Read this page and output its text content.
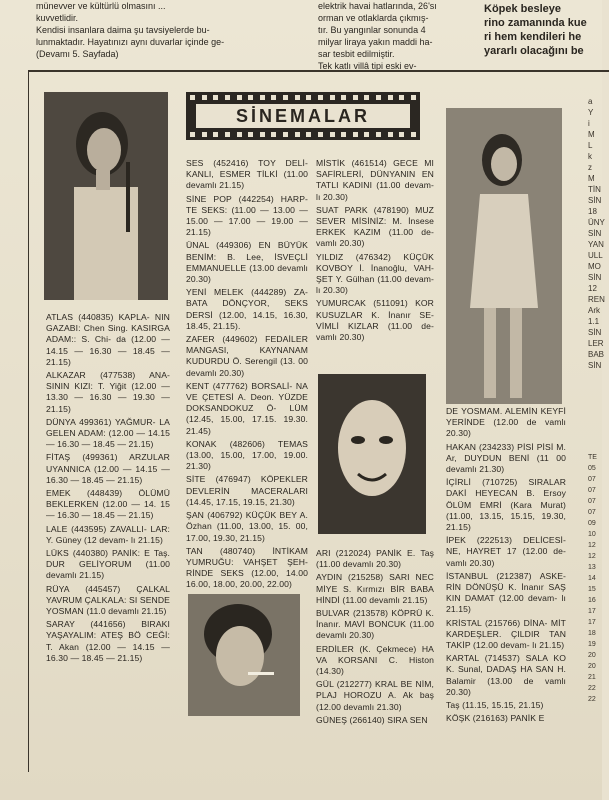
münevver ve kültürlü olmasını ...
kuvvetlidir.
Kendisi insanlara daima şu tavsiyelerde bu-
lunmaktadır. Hayatınızı aynı duvarlar içinde ge-
(Devamı 5. Sayfada)
elektrik havai hatlarında, 26'sı
orman ve otlaklarda çıkmış-
tır. Bu yangınlar sonunda 4
milyar liraya yakın maddi ha-
sar tesbit edilmiştir.
Tek katlı villâ tipi eski ev-
Köpek besleye
rino zamanında kue
ri hem kendileri he
yararlı olacağını be
SİNEMALAR
ATLAS (440835) KAPLA- NIN GAZABI: Chen Sing. KASIRGA ADAM:: S. Chi- da (12.00 — 14.15 — 16.30 — 18.45 — 21.15)
ALKAZAR (477538) ANA- SININ KIZI: T. Yiğit (12.00 — 13.30 — 16.30 — 19.30 — 21.15)
DÜNYA 499361) YAĞMUR- LA GELEN ADAM: (12.00 — 14.15 — 16.30 — 18.45 — 21.15)
FİTAŞ (499361) ARZULAR UYANNICA (12.00 — 14.15 — 16.30 — 18.45 — 21.15)
EMEK (448439) ÖLÜMÜ BEKLERKEN (12.00 — 14. 15 — 16.30 — 18.45 — 21.15)
LALE (443595) ZAVALLI- LAR: Y. Güney (12 devam- lı 21.15)
LÜKS (440380) PANİK: E Taş. DUR GELİYORUM (11.00 devamlı 21.15)
RÜYA (445457) ÇALKAL YAVRUM ÇALKALA: SI SENDE YOSMAN (11.0 devamlı 21.15)
SARAY (441656) BIRAKI YAŞAYALIM: ATEŞ BÖ CEĞİ: T. Akan (12.00 — 14.15 — 16.30 — 18.45 — 21.15)
SES (452416) TOY DELİ- KANLI, ESMER TİLKİ (11.00 devamlı 21.15)
SİNE POP (442254) HARP- TE SEKS: (11.00 — 13.00 — 15.00 — 17.00 — 19.00 — 21.15)
ÜNAL (449306) EN BÜYÜK BENİM: B. Lee, İSVEÇLİ EMMANUELLE (13.00 devamlı 20.30)
YENİ MELEK (444289) ZA- BATA DÖNÇYOR, SEKS DERSİ (12.00, 14.15, 16.30, 18.45, 21.15).
ZAFER (449602) FEDAİLER MANGASI, KAYNANAM KUDURDU Ö. Serengil (13. 00 devamlı 20.30)
KENT (477762) BORSALİ- NA VE ÇETESİ A. Deon. YÜZDE DOKSANDOKUZ Ö- LÜM (12.45, 15.00, 17.15. 19.30. 21.45)
KONAK (482606) TEMAS (13.00, 15.00, 17.00, 19.00. 21.30)
SİTE (476947) KÖPEKLER DEVLERİN MACERALARI (14.45, 17.15, 19.15, 21.30)
ŞAN (406792) KÜÇÜK BEY A. Özhan (11.00, 13.00, 15. 00, 17.00, 19.30, 21.15)
TAN (480740) İNTİKAM YUMRUĞU: VAHŞET ŞEH- RİNDE SEKS (12.00, 14.00 16.00, 18.00, 20.00, 22.00)
MİSTİK (461514) GECE MI SAFİRLERİ, DÜNYANIN EN TATLI KADINI (11.00 devam- lı 20.30)
SUAT PARK (478190) MUZ SEVER MİSİNİZ: M. İnsese ERKEK KAZIM (11.00 de- vamlı 20.30)
YILDIZ (476342) KÜÇÜK KOVBOY İ. İnanoğlu, VAH- ŞET Y. Gülhan (11.00 devam- lı 20.30)
YUMURCAK (511091) KOR KUSUZLAR K. İnanır SE- VİMLİ KIZLAR (11.00 de- vamlı 20.30)
ARI (212024) PANİK E. Taş (11.00 devamlı 20.30)
AYDIN (215258) SARI NEC MİYE S. Kırmızı BİR BABA HİNDİ (11.00 devamlı 21.15)
BULVAR (213578) KÖPRÜ K. İnanır. MAVİ BONCUK (11.00 devamlı 20.30)
ERDİLER (K. Çekmece) HA VA KORSANI C. Histon (14.30)
GÜL (212277) KRAL BE NİM, PLAJ HOROZU A. Ak baş (12.00 devamlı 21.30)
GÜNEŞ (266140) SIRA SEN
DE YOSMAM. ALEMİN KEYFİ YERİNDE (12.00 de vamlı 20.30)
HAKAN (234233) PİSİ PİSİ M. Ar, DUYDUN BENİ (11 00 devamlı 21.30)
İÇİRLİ (710725) SIRALAR DAKİ HEYECAN B. Ersoy ÖLÜM EMRİ (Kara Murat) (11.00, 13.15, 15.15, 19.30, 21.15)
İPEK (222513) DELİCESİ- NE, HAYRET 17 (12.00 de- vamlı 20.30)
İSTANBUL (212387) ASKE- RİN DÖNÜŞÜ K. İnanır SAŞ KIN DAMAT (12.00 devam- lı 21.15)
KRİSTAL (215766) DİNA- MİT KARDEŞLER. ÇILDIR TAN TAKİP (12.00 devam- lı 21.15)
KARTAL (714537) SALA KO K. Sunal, DADAŞ HA SAN H. Balamir (13.00 de vamlı 20.30)
Taş (11.15, 15.15, 21.15)
KÖŞK (216163) PANİK E
a
Y
i
M
L
k
z
M
TİN
SİN
18
ÜNY
SİN
YAN
ULL
MO
SİN
12
REN
Ark
1.1
SİN
LER
BAB
SİN
TE
05
07
07
07
07
09
10
12
12
13
14
15
16
17
17
18
19
20
20
21
22
22
